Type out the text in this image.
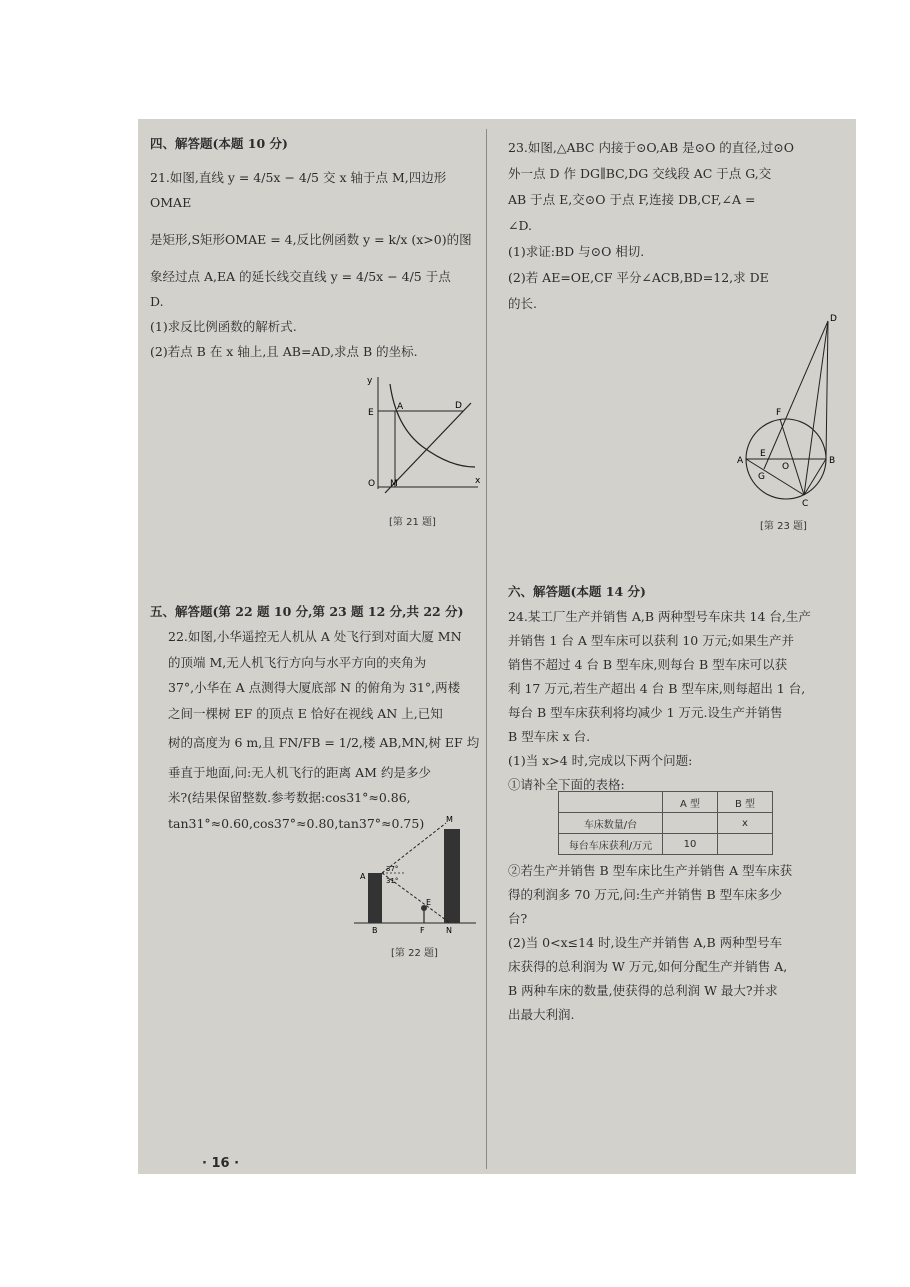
四、解答题(本题 10 分)

21.如图,直线 y = 4/5x − 4/5 交 x 轴于点 M,四边形 OMAE

是矩形,S矩形OMAE = 4,反比例函数 y = k/x (x>0)的图

象经过点 A,EA 的延长线交直线 y = 4/5x − 4/5 于点

D.

(1)求反比例函数的解析式.

(2)若点 B 在 x 轴上,且 AB=AD,求点 B 的坐标.

y
x
E
A	D
O M
[第 21 题]
五、解答题(第 22 题 10 分,第 23 题 12 分,共 22 分)

22.如图,小华遥控无人机从 A 处飞行到对面大厦 MN

的顶端 M,无人机飞行方向与水平方向的夹角为

37°,小华在 A 点测得大厦底部 N 的俯角为 31°,两楼

之间一棵树 EF 的顶点 E 恰好在视线 AN 上,已知

树的高度为 6 m,且 FN/FB = 1/2,楼 AB,MN,树 EF 均

垂直于地面,问:无人机飞行的距离 AM 约是多少

米?(结果保留整数.参考数据:cos31°≈0.86,

tan31°≈0.60,cos37°≈0.80,tan37°≈0.75)	M
A
37°
31°
E
B	F	N
[第 22 题]
· 16 ·

23.如图,△ABC 内接于⊙O,AB 是⊙O 的直径,过⊙O

外一点 D 作 DG∥BC,DG 交线段 AC 于点 G,交

AB 于点 E,交⊙O 于点 F,连接 DB,CF,∠A =

∠D.

(1)求证:BD 与⊙O 相切.

(2)若 AE=OE,CF 平分∠ACB,BD=12,求 DE

的长.

D
F
E
A
O
B
G
C
[第 23 题]
六、解答题(本题 14 分)

24.某工厂生产并销售 A,B 两种型号车床共 14 台,生产

并销售 1 台 A 型车床可以获利 10 万元;如果生产并

销售不超过 4 台 B 型车床,则每台 B 型车床可以获

利 17 万元,若生产超出 4 台 B 型车床,则每超出 1 台,

每台 B 型车床获利将均减少 1 万元.设生产并销售

B 型车床 x 台.

(1)当 x>4 时,完成以下两个问题:

①请补全下面的表格:

	A 型	B 型
车床数量/台		x
每台车床获利/万元	10	

②若生产并销售 B 型车床比生产并销售 A 型车床获

得的利润多 70 万元,问:生产并销售 B 型车床多少

台?

(2)当 0<x≤14 时,设生产并销售 A,B 两种型号车

床获得的总利润为 W 万元,如何分配生产并销售 A,

B 两种车床的数量,使获得的总利润 W 最大?并求

出最大利润.
